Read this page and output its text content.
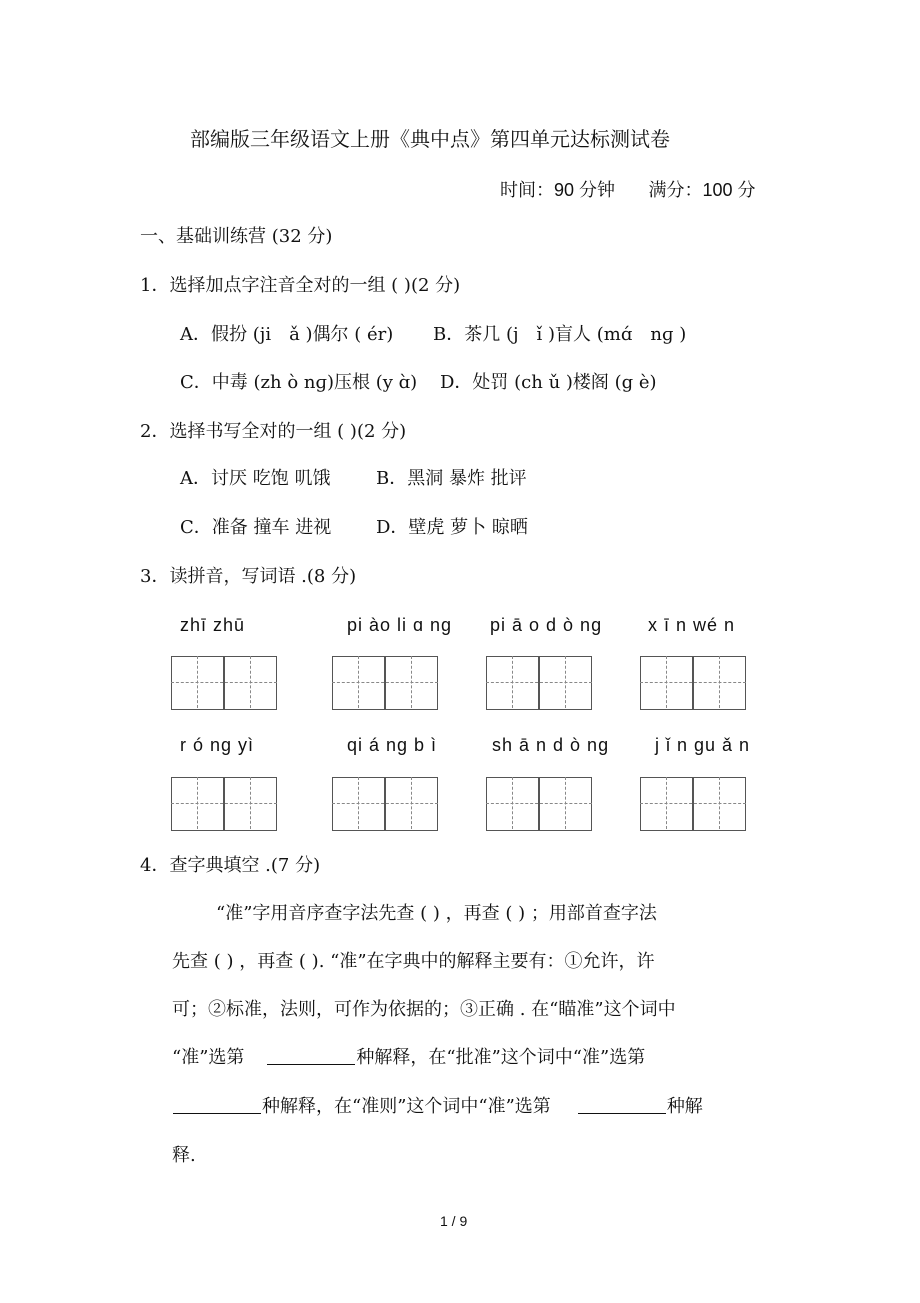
部编版三年级语文上册《典中点》第四单元达标测试卷
时间：90 分钟 满分：100 分
一、基础训练营 (32 分)
1．选择加点字注音全对的一组 ( )(2 分)
A．假扮 (ji　ǎ )偶尔 ( ér) B．茶几 (j　ǐ )盲人 (mɑ́　nɡ )
C．中毒 (zh ò nɡ)压根 (y ɑ̀) D．处罚 (ch ǔ )楼阁 (g è)
2．选择书写全对的一组 ( )(2 分)
A．讨厌 吃饱 叽饿	B．黑洞 暴炸 批评
C．准备 撞车 进视 D．壁虎 萝卜 晾晒
3．读拼音，写词语 .(8 分)
zhī zhū	pi ào li ɑ ng pi ā o d ò ng	x ī n wé n
r ó ng yì	qi á ng b ì	sh ā n d ò ng	j ǐ n gu ǎ n
4．查字典填空 .(7 分)
“准”字用音序查字法先查 ( ) ，再查 ( ) ；用部首查字法
先查 ( ) ，再查 ( ). “准”在字典中的解释主要有：①允许，许
可；②标准，法则，可作为依据的；③正确 . 在“瞄准”这个词中
“准”选第	种解释，在“批准”这个词中“准”选第
种解释，在“准则”这个词中“准”选第	种解
释.
1 / 9
